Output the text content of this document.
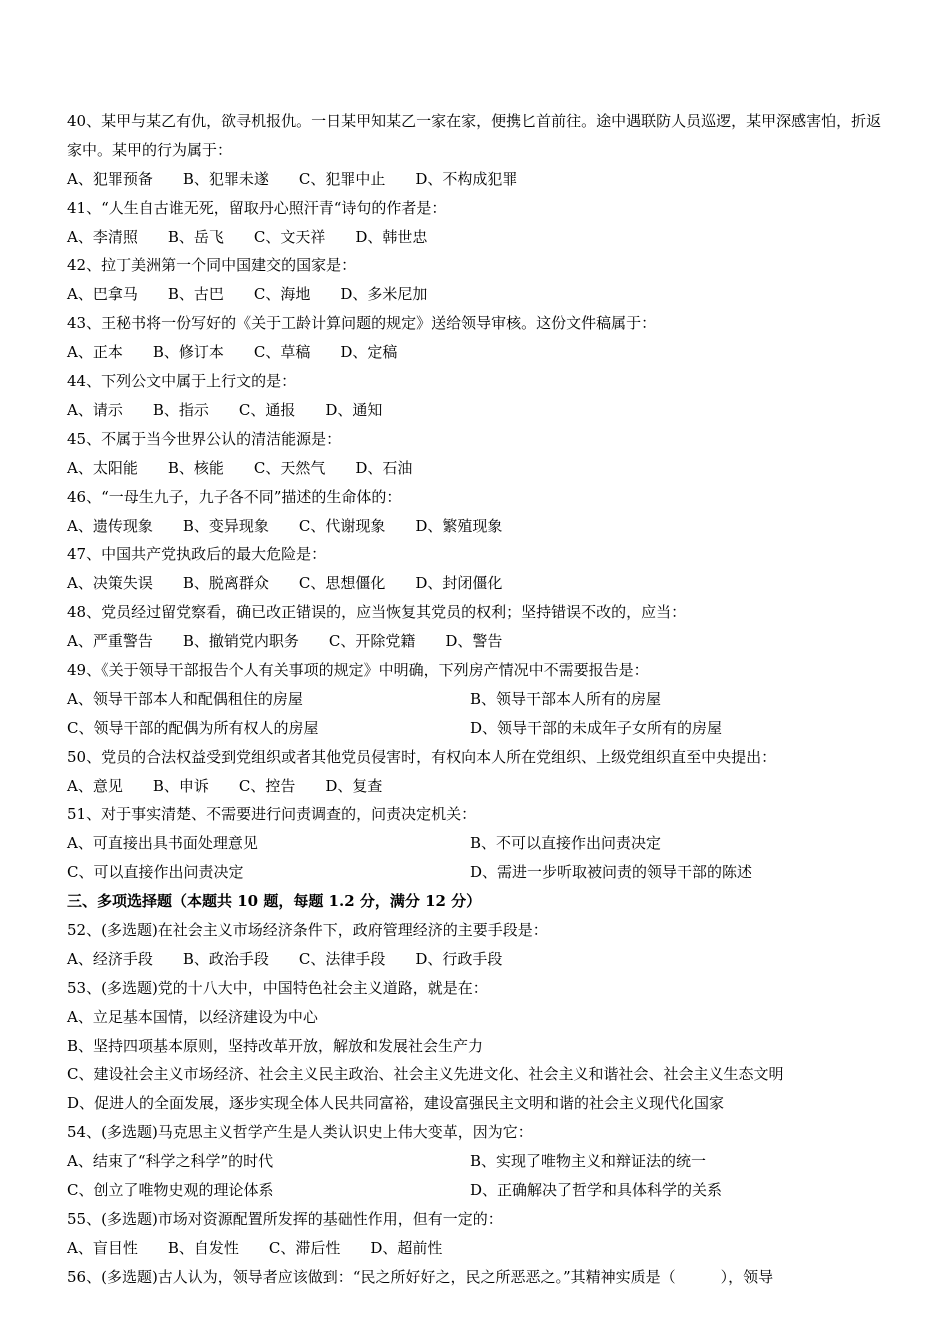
40、某甲与某乙有仇，欲寻机报仇。一日某甲知某乙一家在家，便携匕首前往。途中遇联防人员巡逻，某甲深感害怕，折返家中。某甲的行为属于：
A、犯罪预备 B、犯罪未遂 C、犯罪中止 D、不构成犯罪
41、“人生自古谁无死，留取丹心照汗青“诗句的作者是：
A、李清照 B、岳飞 C、文天祥 D、韩世忠
42、拉丁美洲第一个同中国建交的国家是：
A、巴拿马 B、古巴 C、海地 D、多米尼加
43、王秘书将一份写好的《关于工龄计算问题的规定》送给领导审核。这份文件稿属于：
A、正本 B、修订本 C、草稿 D、定稿
44、下列公文中属于上行文的是：
A、请示 B、指示 C、通报 D、通知
45、不属于当今世界公认的清洁能源是：
A、太阳能 B、核能 C、天然气 D、石油
46、“一母生九子，九子各不同”描述的生命体的：
A、遗传现象 B、变异现象 C、代谢现象 D、繁殖现象
47、中国共产党执政后的最大危险是：
A、决策失误 B、脱离群众 C、思想僵化 D、封闭僵化
48、党员经过留党察看，确已改正错误的，应当恢复其党员的权利；坚持错误不改的，应当：
A、严重警告 B、撤销党内职务 C、开除党籍 D、警告
49、《关于领导干部报告个人有关事项的规定》中明确，下列房产情况中不需要报告是：
A、领导干部本人和配偶租住的房屋	B、领导干部本人所有的房屋
C、领导干部的配偶为所有权人的房屋	D、领导干部的未成年子女所有的房屋
50、党员的合法权益受到党组织或者其他党员侵害时，有权向本人所在党组织、上级党组织直至中央提出：
A、意见 B、申诉 C、控告 D、复查
51、对于事实清楚、不需要进行问责调查的，问责决定机关：
A、可直接出具书面处理意见	B、不可以直接作出问责决定
C、可以直接作出问责决定	D、需进一步听取被问责的领导干部的陈述
三、多项选择题（本题共 10 题，每题 1.2 分，满分 12 分）
52、(多选题)在社会主义市场经济条件下，政府管理经济的主要手段是：
A、经济手段 B、政治手段 C、法律手段 D、行政手段
53、(多选题)党的十八大中，中国特色社会主义道路，就是在：
A、立足基本国情，以经济建设为中心
B、坚持四项基本原则，坚持改革开放，解放和发展社会生产力
C、建设社会主义市场经济、社会主义民主政治、社会主义先进文化、社会主义和谐社会、社会主义生态文明
D、促进人的全面发展，逐步实现全体人民共同富裕，建设富强民主文明和谐的社会主义现代化国家
54、(多选题)马克思主义哲学产生是人类认识史上伟大变革，因为它：
A、结束了“科学之科学”的时代	B、实现了唯物主义和辩证法的统一
C、创立了唯物史观的理论体系	D、正确解决了哲学和具体科学的关系
55、(多选题)市场对资源配置所发挥的基础性作用，但有一定的：
A、盲目性 B、自发性 C、滞后性 D、超前性
56、(多选题)古人认为，领导者应该做到：“民之所好好之，民之所恶恶之。”其精神实质是（　　　），领导
